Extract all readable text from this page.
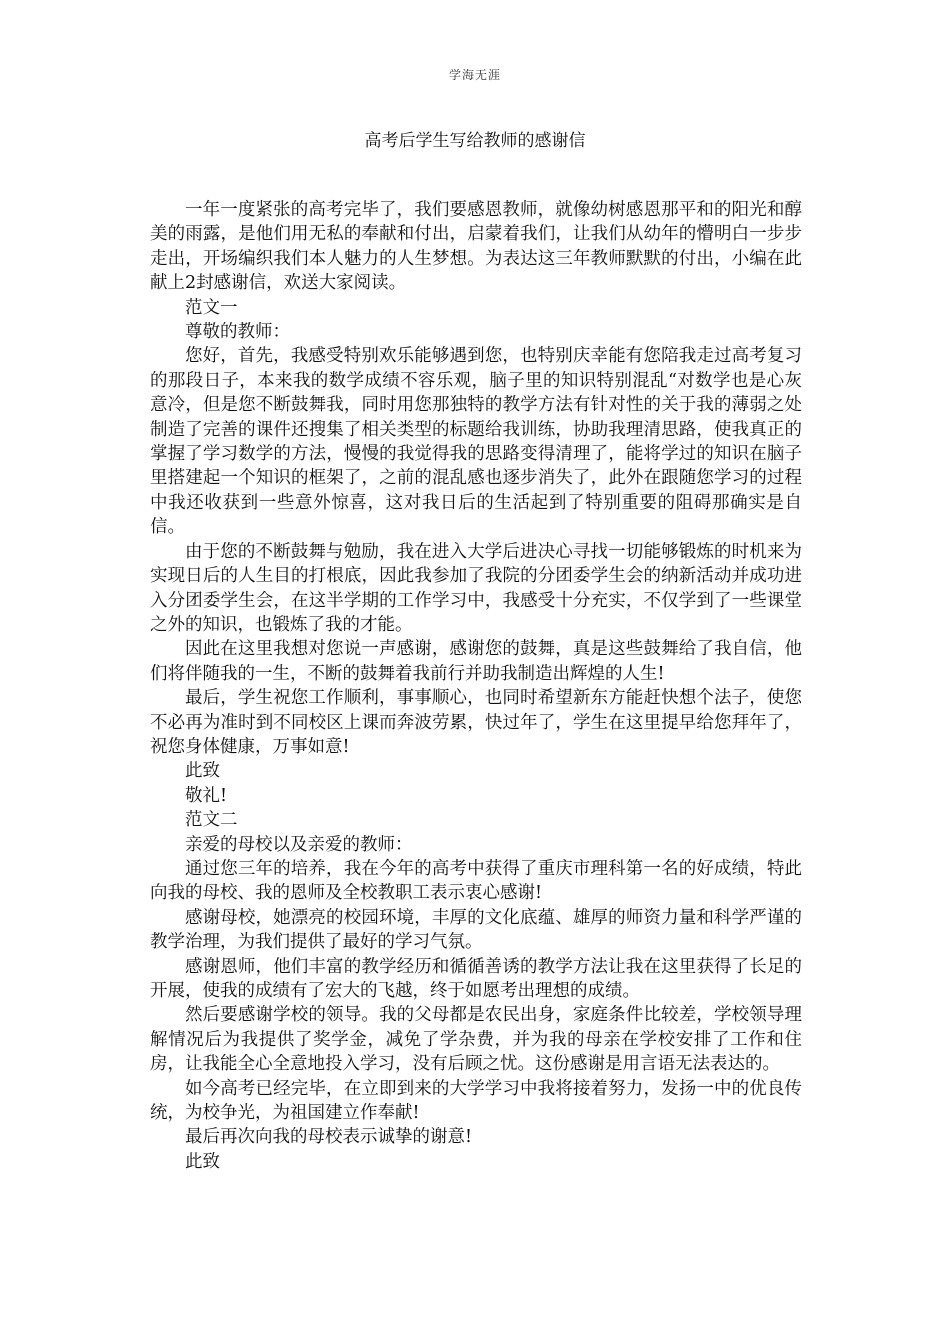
学海无涯
高考后学生写给教师的感谢信

一年一度紧张的高考完毕了，我们要感恩教师，就像幼树感恩那平和的阳光和醇美的雨露，是他们用无私的奉献和付出，启蒙着我们，让我们从幼年的懵明白一步步走出，开场编织我们本人魅力的人生梦想。为表达这三年教师默默的付出，小编在此献上2封感谢信，欢送大家阅读。

范文一

尊敬的教师：

您好，首先，我感受特别欢乐能够遇到您，也特别庆幸能有您陪我走过高考复习的那段日子，本来我的数学成绩不容乐观，脑子里的知识特别混乱“对数学也是心灰意冷，但是您不断鼓舞我，同时用您那独特的教学方法有针对性的关于我的薄弱之处制造了完善的课件还搜集了相关类型的标题给我训练，协助我理清思路，使我真正的掌握了学习数学的方法，慢慢的我觉得我的思路变得清理了，能将学过的知识在脑子里搭建起一个知识的框架了，之前的混乱感也逐步消失了，此外在跟随您学习的过程中我还收获到一些意外惊喜，这对我日后的生活起到了特别重要的阻碍那确实是自信。

由于您的不断鼓舞与勉励，我在进入大学后进决心寻找一切能够锻炼的时机来为实现日后的人生目的打根底，因此我参加了我院的分团委学生会的纳新活动并成功进入分团委学生会，在这半学期的工作学习中，我感受十分充实，不仅学到了一些课堂之外的知识，也锻炼了我的才能。

因此在这里我想对您说一声感谢，感谢您的鼓舞，真是这些鼓舞给了我自信，他们将伴随我的一生，不断的鼓舞着我前行并助我制造出辉煌的人生!

最后，学生祝您工作顺利，事事顺心，也同时希望新东方能赶快想个法子，使您不必再为准时到不同校区上课而奔波劳累，快过年了，学生在这里提早给您拜年了，祝您身体健康，万事如意!

此致

敬礼!

范文二

亲爱的母校以及亲爱的教师：

通过您三年的培养，我在今年的高考中获得了重庆市理科第一名的好成绩，特此向我的母校、我的恩师及全校教职工表示衷心感谢!

感谢母校，她漂亮的校园环境，丰厚的文化底蕴、雄厚的师资力量和科学严谨的教学治理，为我们提供了最好的学习气氛。

感谢恩师，他们丰富的教学经历和循循善诱的教学方法让我在这里获得了长足的开展，使我的成绩有了宏大的飞越，终于如愿考出理想的成绩。

然后要感谢学校的领导。我的父母都是农民出身，家庭条件比较差，学校领导理解情况后为我提供了奖学金，减免了学杂费，并为我的母亲在学校安排了工作和住房，让我能全心全意地投入学习，没有后顾之忧。这份感谢是用言语无法表达的。

如今高考已经完毕，在立即到来的大学学习中我将接着努力，发扬一中的优良传统，为校争光，为祖国建立作奉献!

最后再次向我的母校表示诚挚的谢意!

此致
